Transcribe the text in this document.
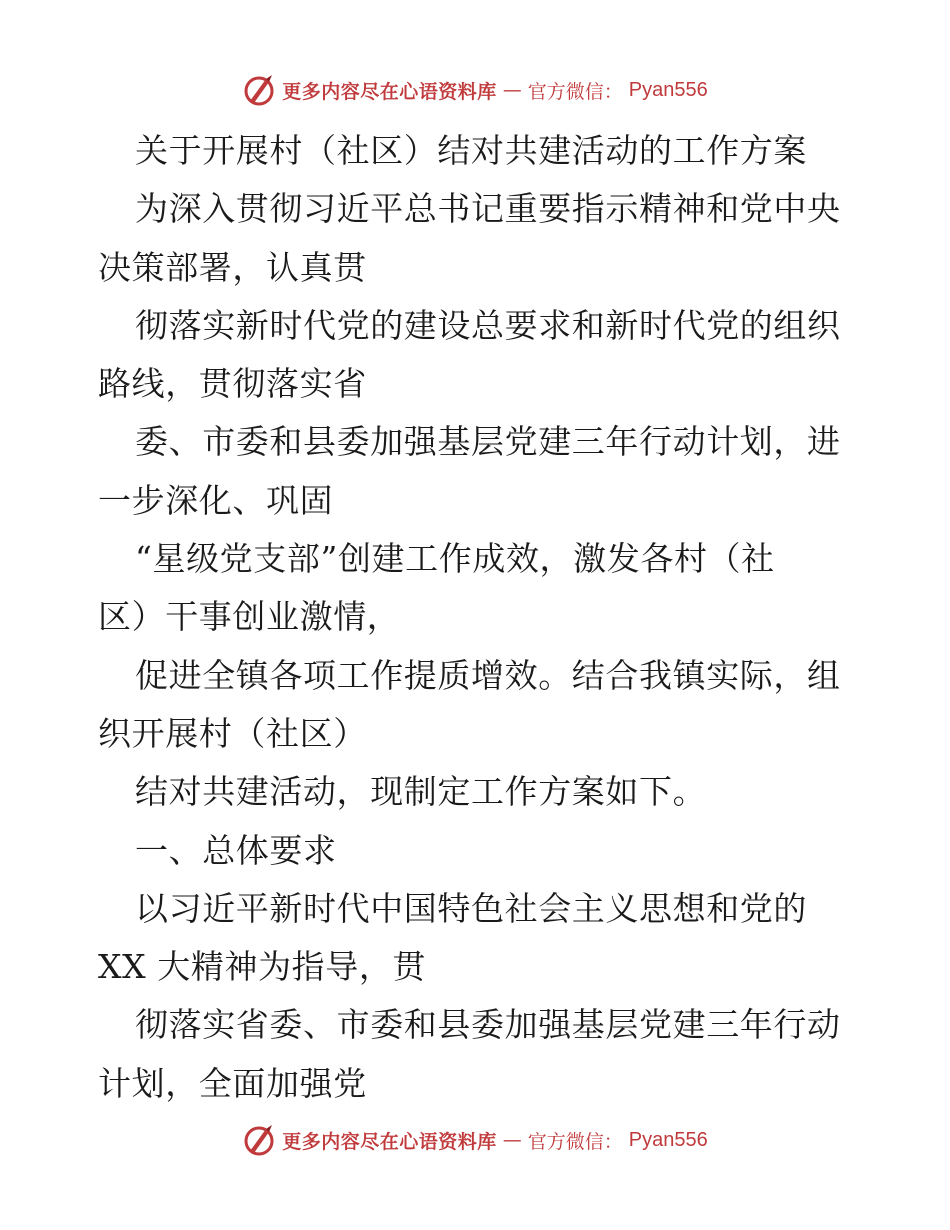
更多内容尽在心语资料库 — 官方微信： Pyan556
关于开展村（社区）结对共建活动的工作方案
为深入贯彻习近平总书记重要指示精神和党中央
决策部署，认真贯
彻落实新时代党的建设总要求和新时代党的组织
路线，贯彻落实省
委、市委和县委加强基层党建三年行动计划，进
一步深化、巩固
“星级党支部”创建工作成效，激发各村（社
区）干事创业激情，
促进全镇各项工作提质增效。结合我镇实际，组
织开展村（社区）
结对共建活动，现制定工作方案如下。
一、总体要求
以习近平新时代中国特色社会主义思想和党的
XX 大精神为指导，贯
彻落实省委、市委和县委加强基层党建三年行动
计划，全面加强党
更多内容尽在心语资料库 — 官方微信： Pyan556
